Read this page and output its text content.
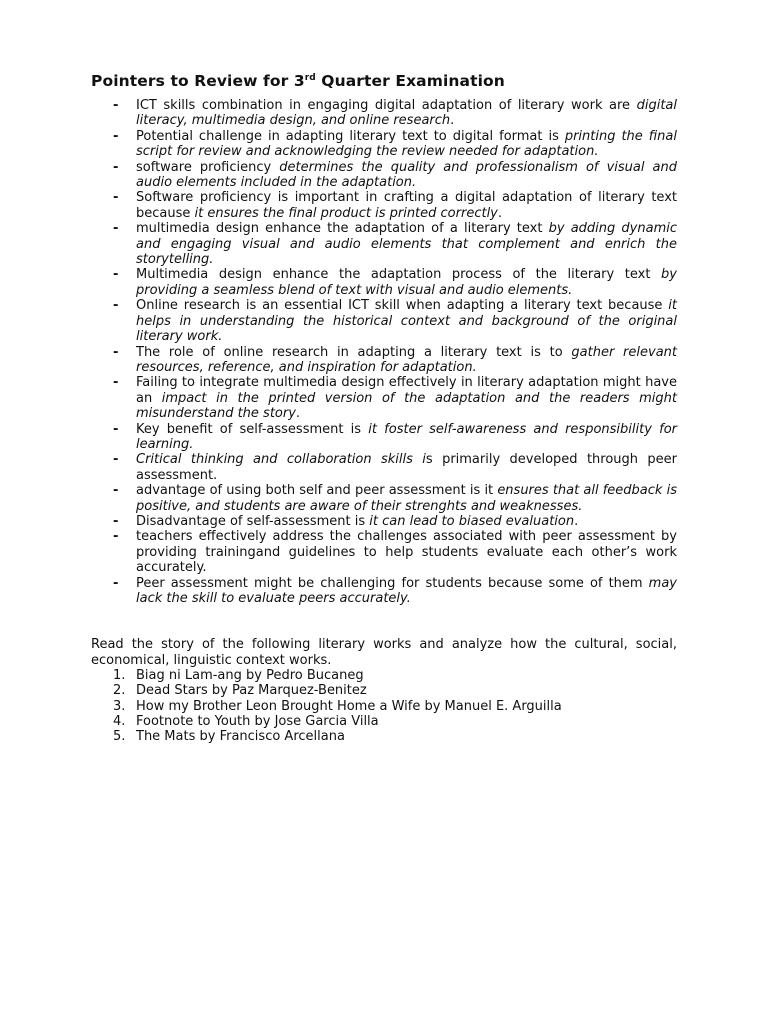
Pointers to Review for 3rd Quarter Examination
- ICT skills combination in engaging digital adaptation of literary work are digital literacy, multimedia design, and online research.
- Potential challenge in adapting literary text to digital format is printing the final script for review and acknowledging the review needed for adaptation.
- software proficiency determines the quality and professionalism of visual and audio elements included in the adaptation.
- Software proficiency is important in crafting a digital adaptation of literary text because it ensures the final product is printed correctly.
- multimedia design enhance the adaptation of a literary text by adding dynamic and engaging visual and audio elements that complement and enrich the storytelling.
- Multimedia design enhance the adaptation process of the literary text by providing a seamless blend of text with visual and audio elements.
- Online research is an essential ICT skill when adapting a literary text because it helps in understanding the historical context and background of the original literary work.
- The role of online research in adapting a literary text is to gather relevant resources, reference, and inspiration for adaptation.
- Failing to integrate multimedia design effectively in literary adaptation might have an impact in the printed version of the adaptation and the readers might misunderstand the story.
- Key benefit of self-assessment is it foster self-awareness and responsibility for learning.
- Critical thinking and collaboration skills is primarily developed through peer assessment.
- advantage of using both self and peer assessment is it ensures that all feedback is positive, and students are aware of their strenghts and weaknesses.
- Disadvantage of self-assessment is it can lead to biased evaluation.
- teachers effectively address the challenges associated with peer assessment by providing trainingand guidelines to help students evaluate each other’s work accurately.
- Peer assessment might be challenging for students because some of them may lack the skill to evaluate peers accurately.

Read the story of the following literary works and analyze how the cultural, social, economical, linguistic context works.

1. Biag ni Lam-ang by Pedro Bucaneg
2. Dead Stars by Paz Marquez-Benitez
3. How my Brother Leon Brought Home a Wife by Manuel E. Arguilla
4. Footnote to Youth by Jose Garcia Villa
5. The Mats by Francisco Arcellana
